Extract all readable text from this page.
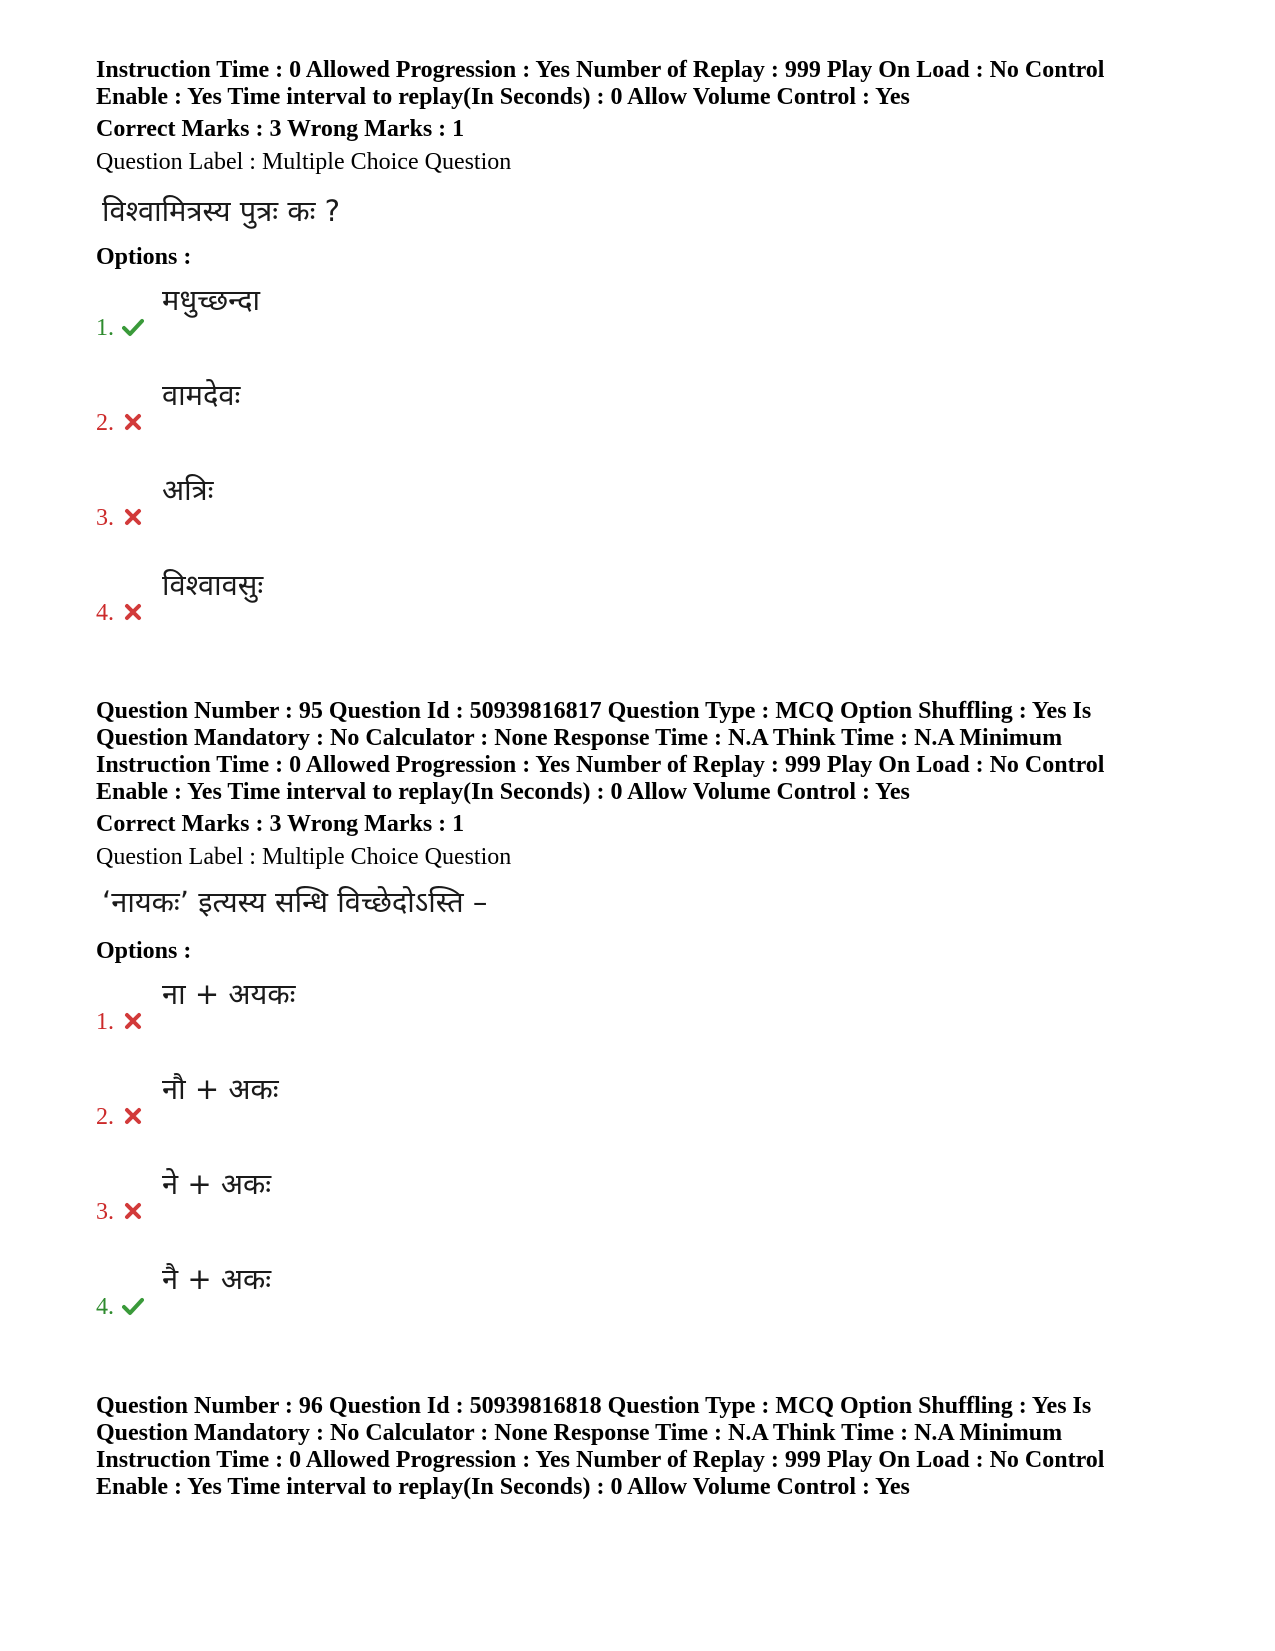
Instruction Time : 0 Allowed Progression : Yes Number of Replay : 999 Play On Load : No Control
Enable : Yes Time interval to replay(In Seconds) : 0 Allow Volume Control : Yes
Correct Marks : 3 Wrong Marks : 1
Question Label : Multiple Choice Question
विश्वामित्रस्य पुत्रः कः ?
Options :
1.
मधुच्छन्दा
2.
वामदेवः
3.
अत्रिः
4.
विश्वावसुः
Question Number : 95 Question Id : 50939816817 Question Type : MCQ Option Shuffling : Yes Is
Question Mandatory : No Calculator : None Response Time : N.A Think Time : N.A Minimum
Instruction Time : 0 Allowed Progression : Yes Number of Replay : 999 Play On Load : No Control
Enable : Yes Time interval to replay(In Seconds) : 0 Allow Volume Control : Yes
Correct Marks : 3 Wrong Marks : 1
Question Label : Multiple Choice Question
‘नायकः’ इत्यस्य सन्धि विच्छेदोऽस्ति –
Options :
1.
ना + अयकः
2.
नौ + अकः
3.
ने + अकः
4.
नै + अकः
Question Number : 96 Question Id : 50939816818 Question Type : MCQ Option Shuffling : Yes Is
Question Mandatory : No Calculator : None Response Time : N.A Think Time : N.A Minimum
Instruction Time : 0 Allowed Progression : Yes Number of Replay : 999 Play On Load : No Control
Enable : Yes Time interval to replay(In Seconds) : 0 Allow Volume Control : Yes
